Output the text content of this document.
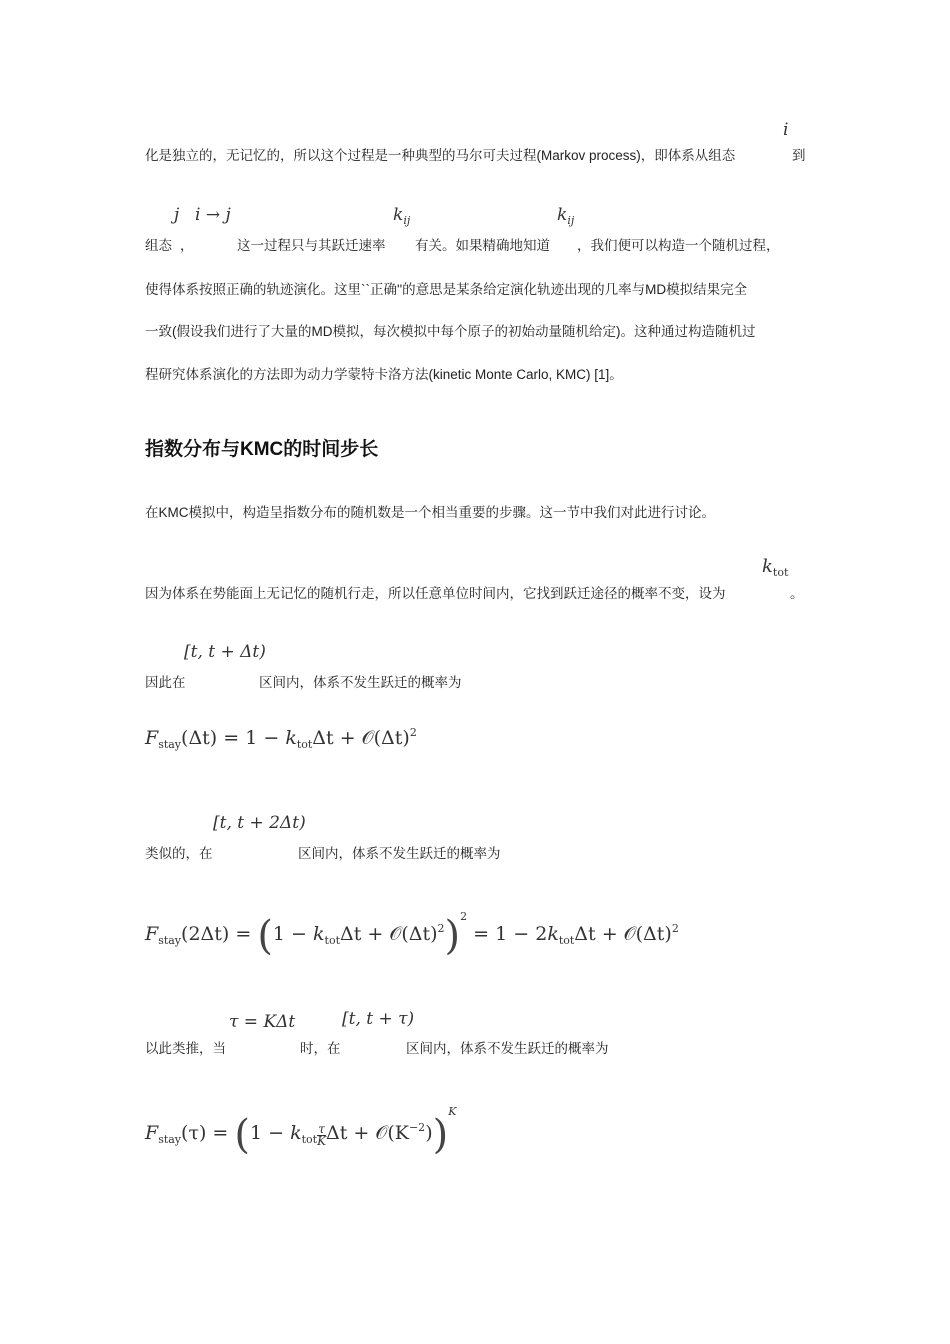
i
化是独立的，无记忆的，所以这个过程是一种典型的马尔可夫过程(Markov process)，即体系从组态	到
j i → j	$k_{ij}$	$k_{ij}$
组态 ，	这一过程只与其跃迁速率 有关。如果精确地知道 ，我们便可以构造一个随机过程，
使得体系按照正确的轨迹演化。这里``正确''的意思是某条给定演化轨迹出现的几率与MD模拟结果完全
一致(假设我们进行了大量的MD模拟，每次模拟中每个原子的初始动量随机给定)。这种通过构造随机过
程研究体系演化的方法即为动力学蒙特卡洛方法(kinetic Monte Carlo, KMC) [1]。
指数分布与KMC的时间步长
在KMC模拟中，构造呈指数分布的随机数是一个相当重要的步骤。这一节中我们对此进行讨论。
$k_{tot}$
因为体系在势能面上无记忆的随机行走，所以任意单位时间内，它找到跃迁途径的概率不变，设为	。
[t, t + Δt)
因此在	区间内，体系不发生跃迁的概率为
$F_{stay}(\Delta t) = 1 - k_{tot}\Delta t$ + $𝒪(\Delta t)^2$
[t, t + 2Δt)
类似的，在	区间内，体系不发生跃迁的概率为
$F_{stay}(2\Delta t) = (1 - k_{tot}\Delta t$ + $𝒪(\Delta t)^2)^2 = 1 - 2k_{tot}\Delta t$ + $𝒪(\Delta t)^2$
τ = KΔt	[t, t + τ)
以此类推，当	时，在	区间内，体系不发生跃迁的概率为
$F_{stay}(\tau) = (1 - k_{tot} \frac{\tau}{K}$ $\Delta t + 𝒪(K^{-2}))^K$
